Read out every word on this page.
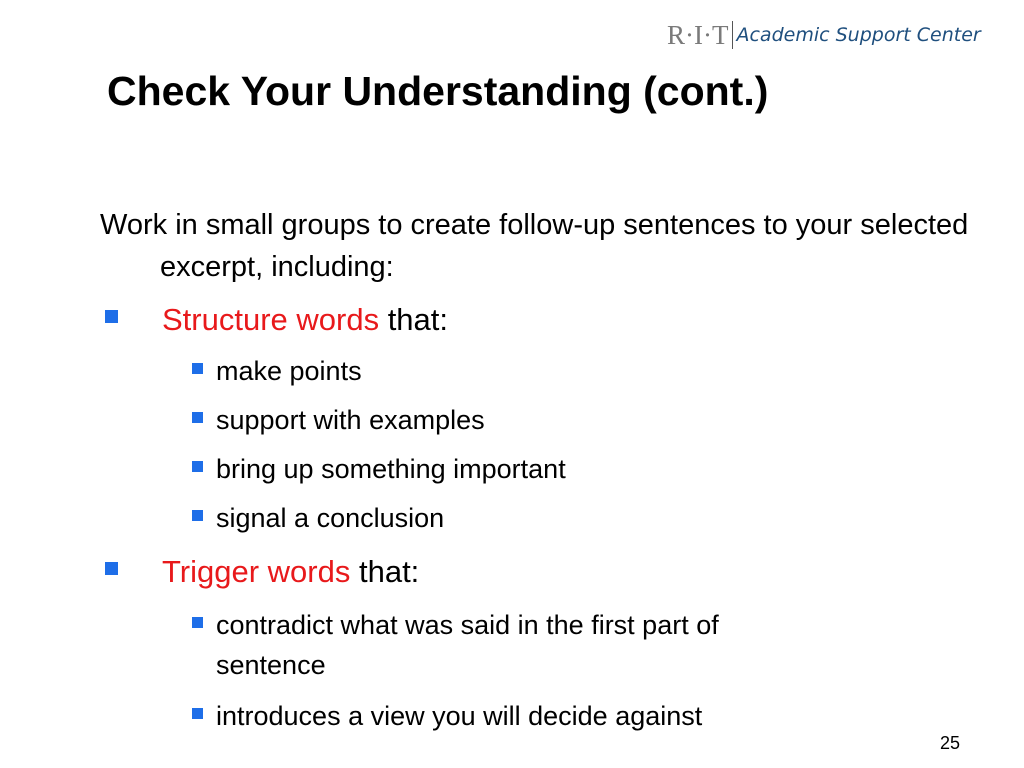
R·I·T Academic Support Center
Check Your Understanding (cont.)

Work in small groups to create follow-up sentences to your selected excerpt, including:

Structure words that:
make points
support with examples
bring up something important
signal a conclusion
Trigger words that:
contradict what was said in the first part of
sentence
introduces a view you will decide against
25
